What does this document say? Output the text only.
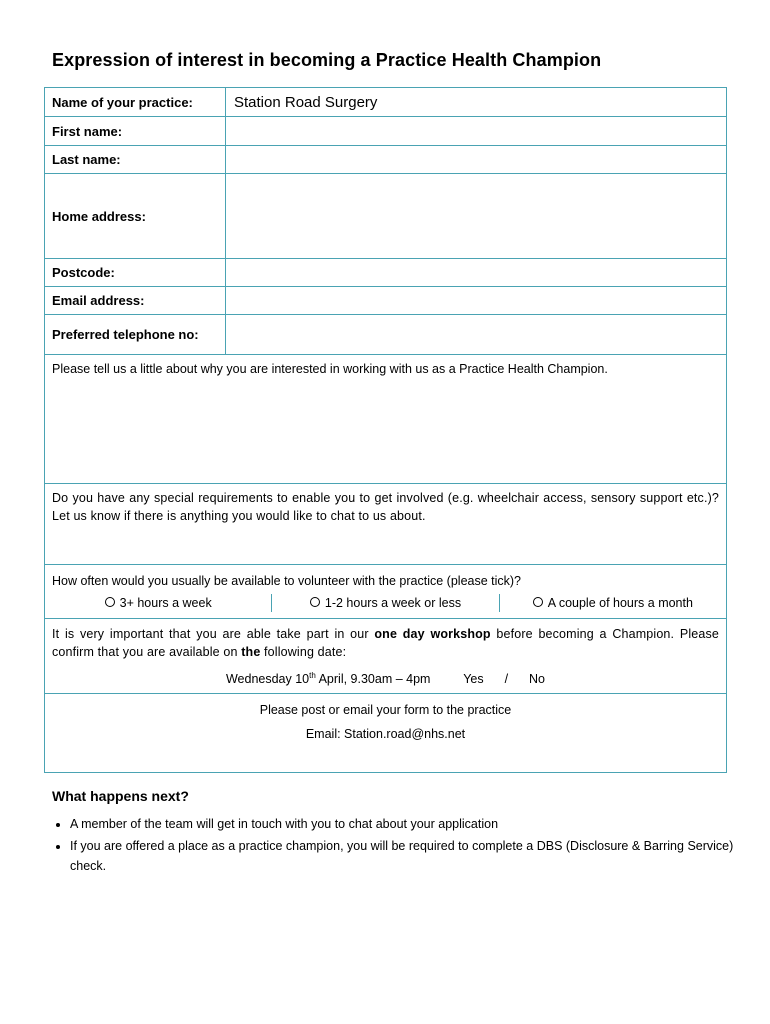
Expression of interest in becoming a Practice Health Champion
Name of your practice:	Station Road Surgery
First name:
Last name:
Home address:
Postcode:
Email address:
Preferred telephone no:
Please tell us a little about why you are interested in working with us as a Practice Health Champion.
Do you have any special requirements to enable you to get involved (e.g. wheelchair access, sensory support etc.)? Let us know if there is anything you would like to chat to us about.
How often would you usually be available to volunteer with the practice (please tick)?
3+ hours a week	1-2 hours a week or less	A couple of hours a month
It is very important that you are able take part in our one day workshop before becoming a Champion. Please confirm that you are available on the following date:
Wednesday 10th April, 9.30am – 4pm	Yes / No
Please post or email your form to the practice
Email: Station.road@nhs.net
What happens next?
• A member of the team will get in touch with you to chat about your application
• If you are offered a place as a practice champion, you will be required to complete a DBS (Disclosure & Barring Service) check.
